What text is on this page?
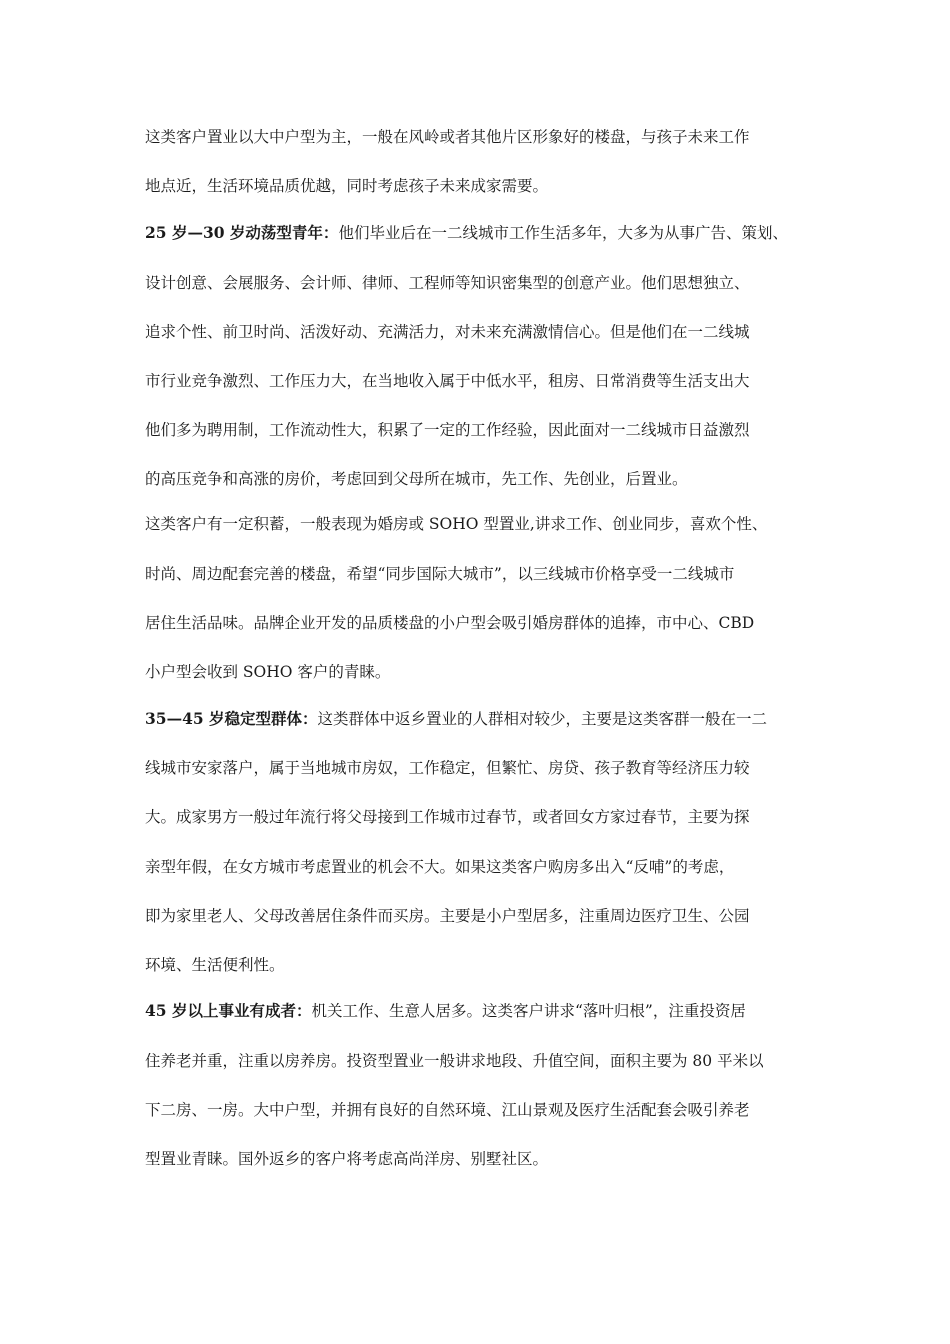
这类客户置业以大中户型为主，一般在风岭或者其他片区形象好的楼盘，与孩子未来工作

地点近，生活环境品质优越，同时考虑孩子未来成家需要。

25 岁—30 岁动荡型青年：他们毕业后在一二线城市工作生活多年，大多为从事广告、策划、

设计创意、会展服务、会计师、律师、工程师等知识密集型的创意产业。他们思想独立、

追求个性、前卫时尚、活泼好动、充满活力，对未来充满激情信心。但是他们在一二线城

市行业竞争激烈、工作压力大，在当地收入属于中低水平，租房、日常消费等生活支出大

他们多为聘用制，工作流动性大，积累了一定的工作经验，因此面对一二线城市日益激烈

的高压竞争和高涨的房价，考虑回到父母所在城市，先工作、先创业，后置业。

这类客户有一定积蓄，一般表现为婚房或 SOHO 型置业,讲求工作、创业同步，喜欢个性、

时尚、周边配套完善的楼盘，希望“同步国际大城市”，以三线城市价格享受一二线城市

居住生活品味。品牌企业开发的品质楼盘的小户型会吸引婚房群体的追捧，市中心、CBD

小户型会收到 SOHO 客户的青睐。

35—45 岁稳定型群体：这类群体中返乡置业的人群相对较少，主要是这类客群一般在一二

线城市安家落户，属于当地城市房奴，工作稳定，但繁忙、房贷、孩子教育等经济压力较

大。成家男方一般过年流行将父母接到工作城市过春节，或者回女方家过春节，主要为探

亲型年假，在女方城市考虑置业的机会不大。如果这类客户购房多出入“反哺”的考虑，

即为家里老人、父母改善居住条件而买房。主要是小户型居多，注重周边医疗卫生、公园

环境、生活便利性。

45 岁以上事业有成者：机关工作、生意人居多。这类客户讲求“落叶归根”，注重投资居

住养老并重，注重以房养房。投资型置业一般讲求地段、升值空间，面积主要为 80 平米以

下二房、一房。大中户型，并拥有良好的自然环境、江山景观及医疗生活配套会吸引养老

型置业青睐。国外返乡的客户将考虑高尚洋房、别墅社区。
